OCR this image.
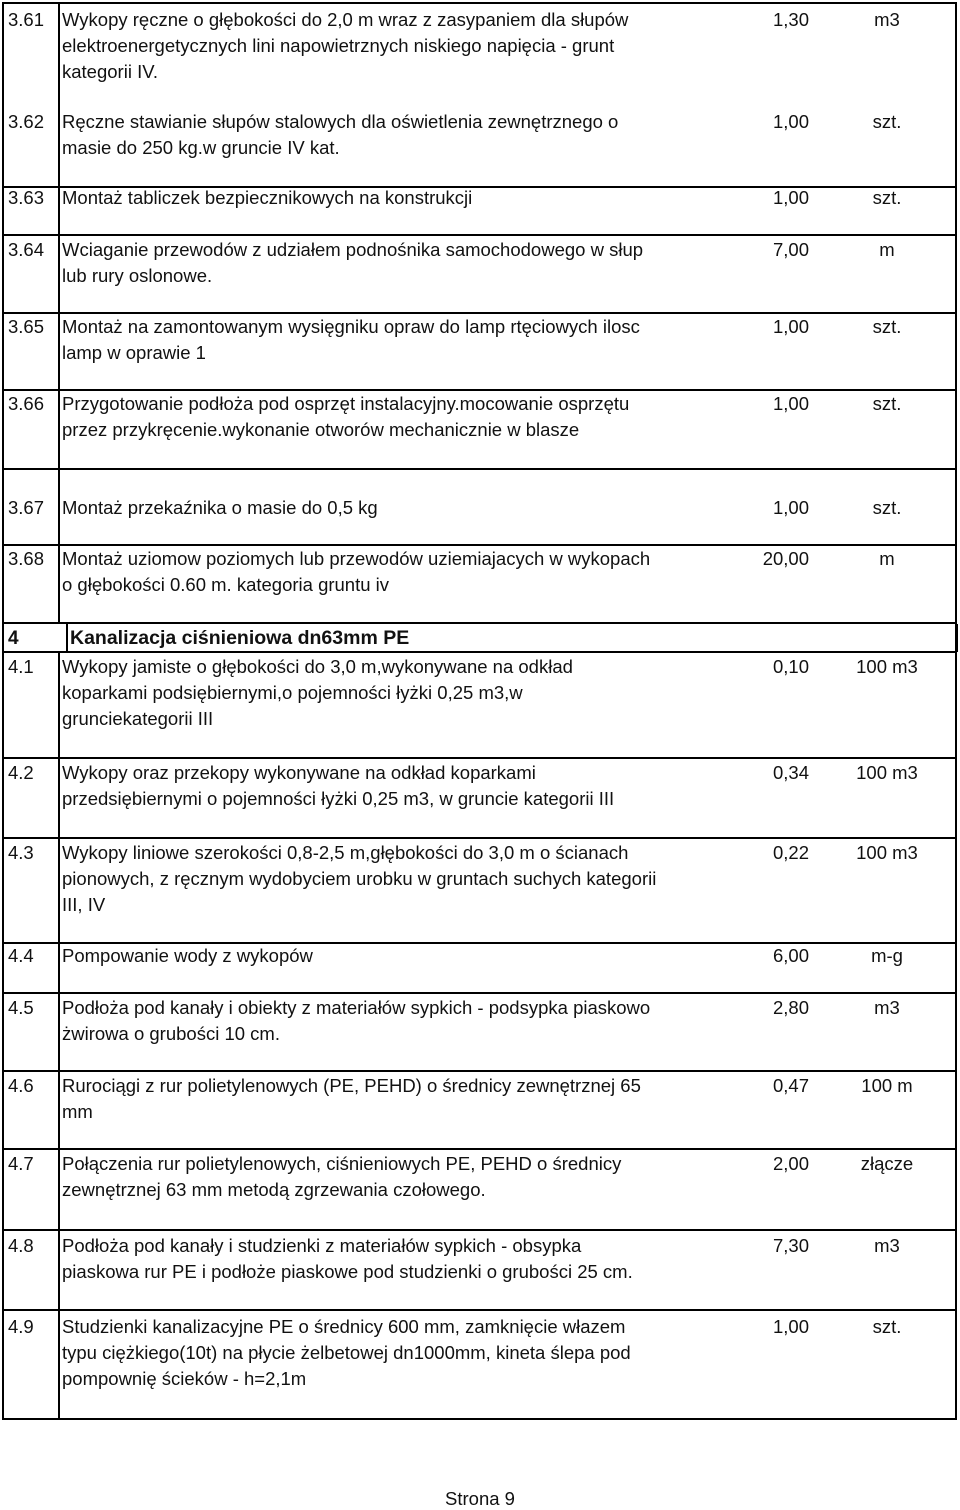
3.61 Wykopy ręczne o głębokości do 2,0 m wraz z zasypaniem dla słupów
elektroenergetycznych lini napowietrznych niskiego napięcia - grunt
kategorii IV.
1,30	m3
3.62 Ręczne stawianie słupów stalowych dla oświetlenia zewnętrznego o
masie do 250 kg.w gruncie IV kat.
1,00	szt.
3.63 Montaż tabliczek bezpiecznikowych na konstrukcji	1,00	szt.
3.64 Wciaganie przewodów z udziałem podnośnika samochodowego w słup
lub rury oslonowe.
7,00	m
3.65 Montaż na zamontowanym wysięgniku opraw do lamp rtęciowych ilosc
lamp w oprawie 1
1,00	szt.
3.66 Przygotowanie podłoża pod osprzęt instalacyjny.mocowanie osprzętu
przez przykręcenie.wykonanie otworów mechanicznie w blasze
1,00	szt.
3.67 Montaż przekaźnika o masie do 0,5 kg	1,00	szt.
3.68 Montaż uziomow poziomych lub przewodów uziemiajacych w wykopach
o głębokości 0.60 m. kategoria gruntu iv
20,00	m
4	Kanalizacja ciśnieniowa dn63mm PE
4.1 Wykopy jamiste o głębokości do 3,0 m,wykonywane na odkład
koparkami podsiębiernymi,o pojemności łyżki 0,25 m3,w
grunciekategorii III
0,10	100 m3
4.2 Wykopy oraz przekopy wykonywane na odkład koparkami
przedsiębiernymi o pojemności łyżki 0,25 m3, w gruncie kategorii III
0,34	100 m3
4.3 Wykopy liniowe szerokości 0,8-2,5 m,głębokości do 3,0 m o ścianach
pionowych, z ręcznym wydobyciem urobku w gruntach suchych kategorii
III, IV
0,22	100 m3
4.4 Pompowanie wody z wykopów	6,00	m-g
4.5 Podłoża pod kanały i obiekty z materiałów sypkich - podsypka piaskowo
żwirowa o grubości 10 cm.
2,80	m3
4.6 Rurociągi z rur polietylenowych (PE, PEHD) o średnicy zewnętrznej 65
mm
0,47	100 m
4.7 Połączenia rur polietylenowych, ciśnieniowych PE, PEHD o średnicy
zewnętrznej 63 mm metodą zgrzewania czołowego.
2,00	złącze
4.8 Podłoża pod kanały i studzienki z materiałów sypkich - obsypka
piaskowa rur PE i podłoże piaskowe pod studzienki o grubości 25 cm.
7,30	m3
4.9 Studzienki kanalizacyjne PE o średnicy 600 mm, zamknięcie włazem
typu ciężkiego(10t) na płycie żelbetowej dn1000mm, kineta ślepa pod
pompownię ścieków - h=2,1m
1,00	szt.
Strona 9
